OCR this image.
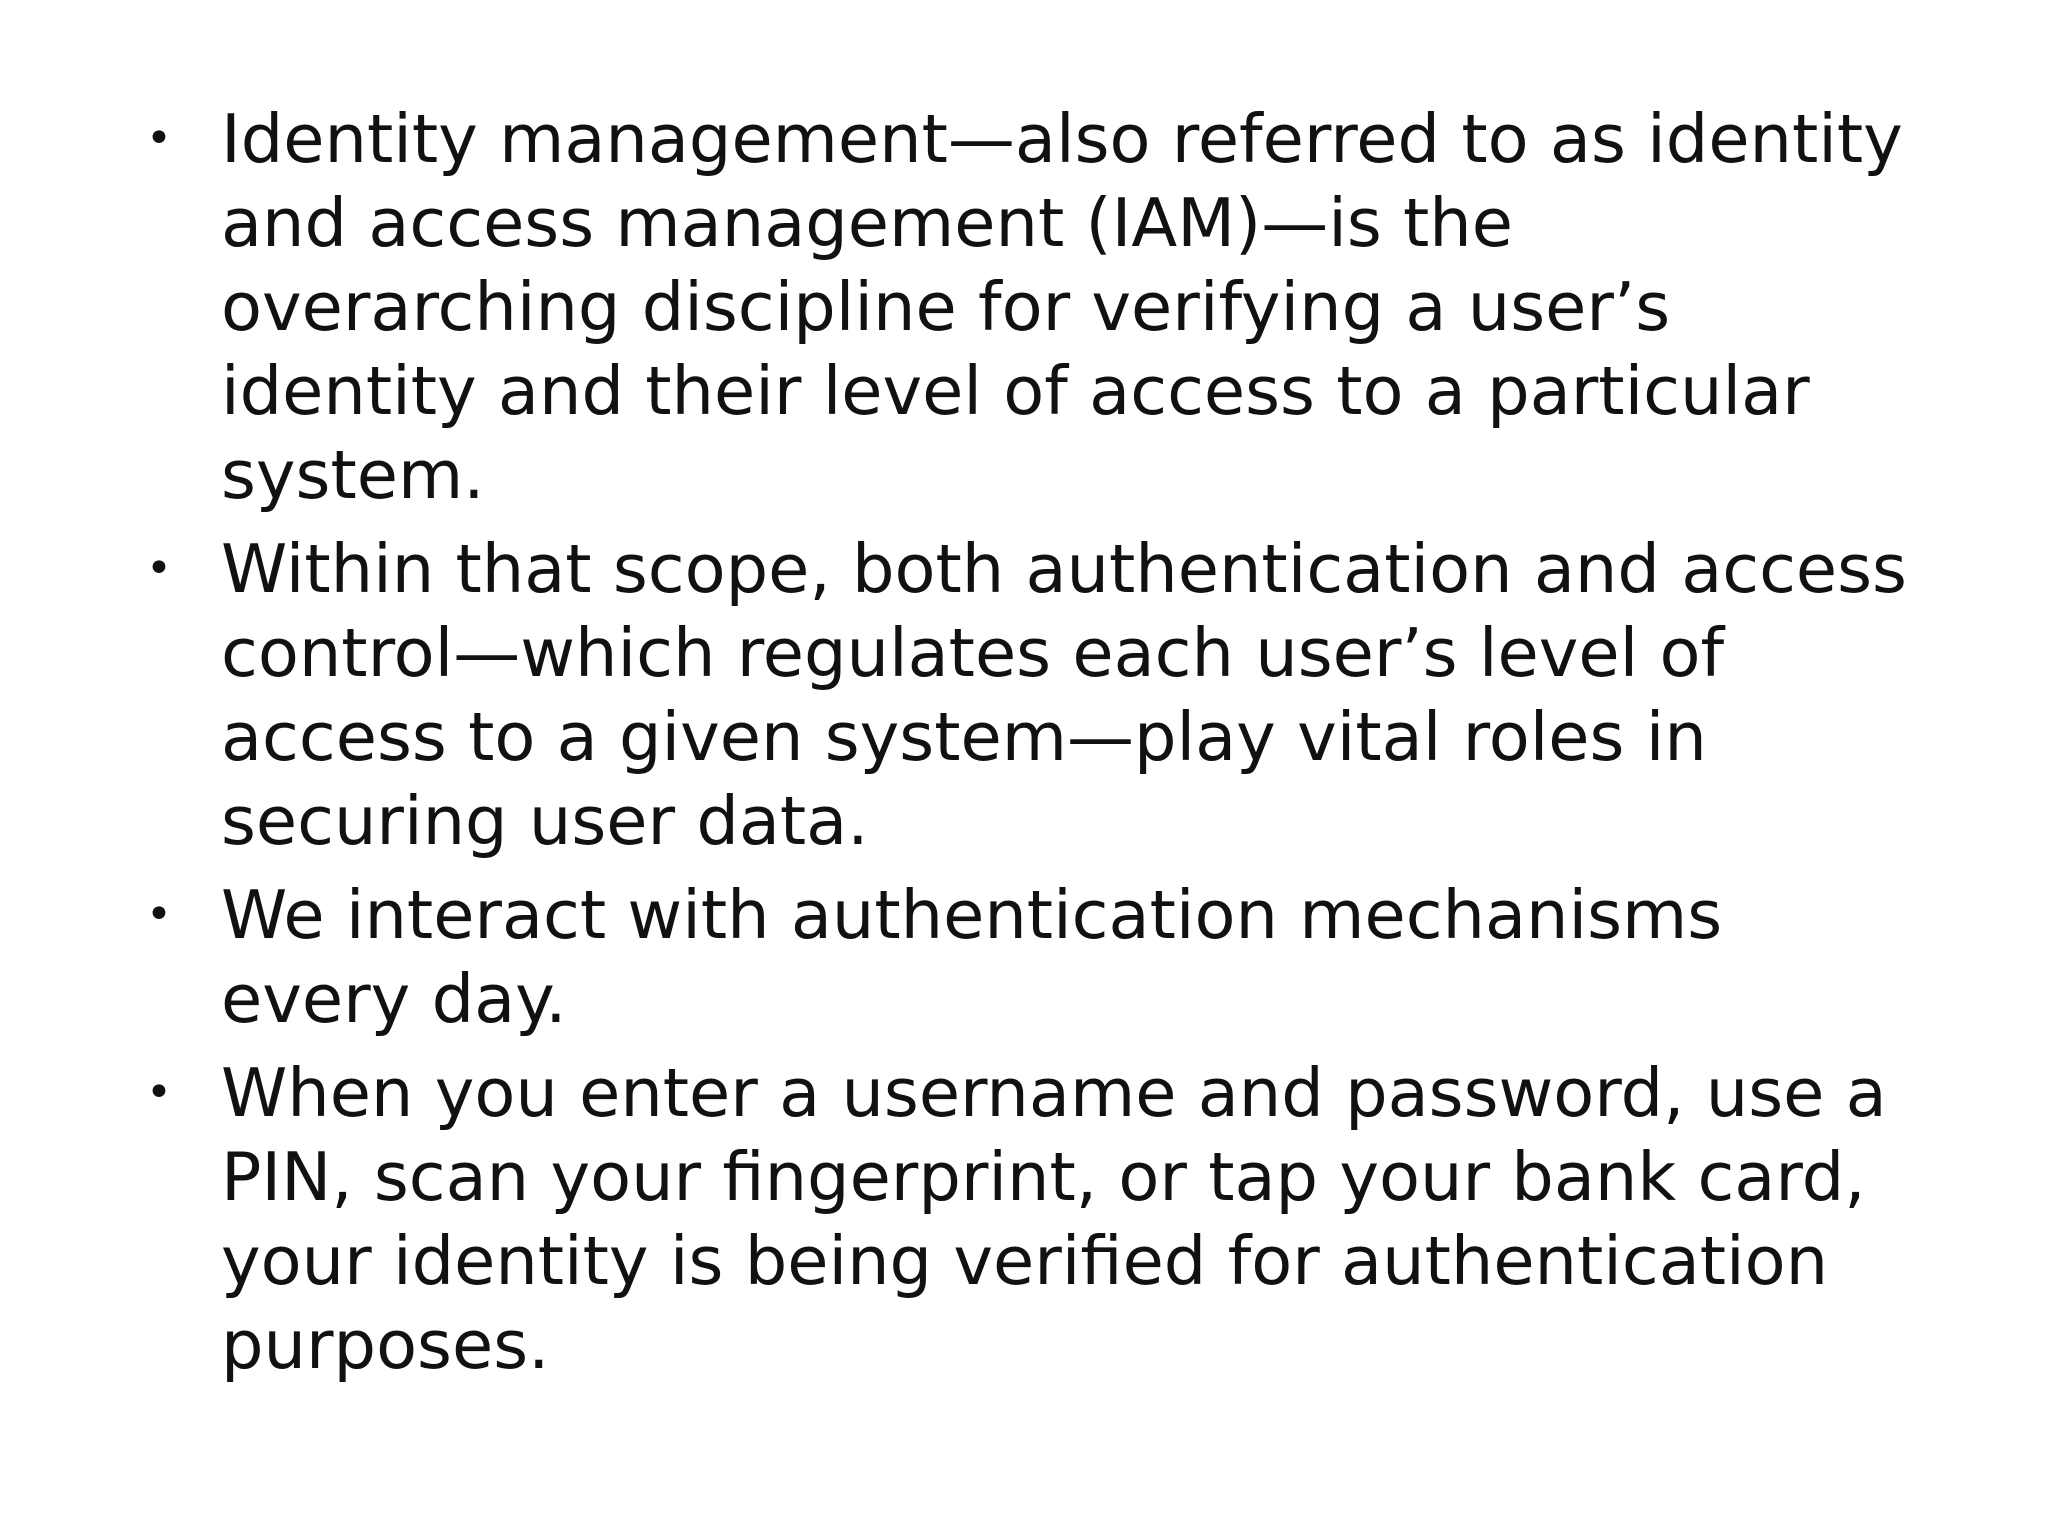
• Identity management—also referred to as identity
and access management (IAM)—is the
overarching discipline for verifying a user’s
identity and their level of access to a particular
system.
• Within that scope, both authentication and access
control—which regulates each user’s level of
access to a given system—play vital roles in
securing user data.
• We interact with authentication mechanisms
every day.
• When you enter a username and password, use a
PIN, scan your fingerprint, or tap your bank card,
your identity is being verified for authentication
purposes.
